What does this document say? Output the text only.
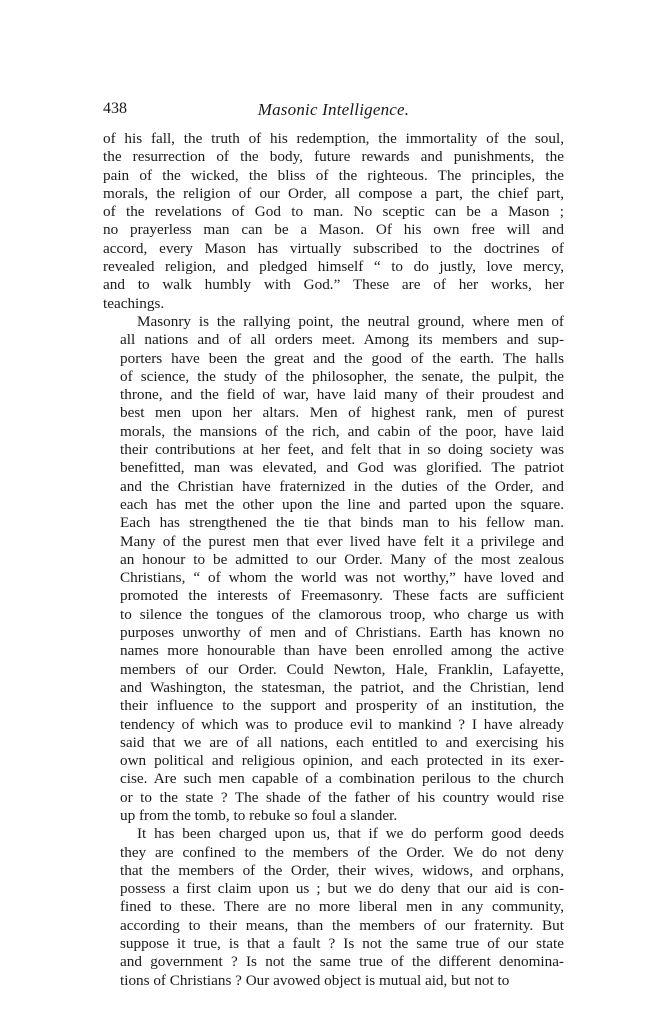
438	Masonic Intelligence.

of his fall, the truth of his redemption, the immortality of the soul,
the resurrection of the body, future rewards and punishments, the
pain of the wicked, the bliss of the righteous. The principles, the
morals, the religion of our Order, all compose a part, the chief part,
of the revelations of God to man. No sceptic can be a Mason ;
no prayerless man can be a Mason. Of his own free will and
accord, every Mason has virtually subscribed to the doctrines of
revealed religion, and pledged himself “ to do justly, love mercy,
and to walk humbly with God.” These are of her works, her
teachings.

Masonry is the rallying point, the neutral ground, where men of
all nations and of all orders meet. Among its members and sup-
porters have been the great and the good of the earth. The halls
of science, the study of the philosopher, the senate, the pulpit, the
throne, and the field of war, have laid many of their proudest and
best men upon her altars. Men of highest rank, men of purest
morals, the mansions of the rich, and cabin of the poor, have laid
their contributions at her feet, and felt that in so doing society was
benefitted, man was elevated, and God was glorified. The patriot
and the Christian have fraternized in the duties of the Order, and
each has met the other upon the line and parted upon the square.
Each has strengthened the tie that binds man to his fellow man.
Many of the purest men that ever lived have felt it a privilege and
an honour to be admitted to our Order. Many of the most zealous
Christians, “ of whom the world was not worthy,” have loved and
promoted the interests of Freemasonry. These facts are sufficient
to silence the tongues of the clamorous troop, who charge us with
purposes unworthy of men and of Christians. Earth has known no
names more honourable than have been enrolled among the active
members of our Order. Could Newton, Hale, Franklin, Lafayette,
and Washington, the statesman, the patriot, and the Christian, lend
their influence to the support and prosperity of an institution, the
tendency of which was to produce evil to mankind ? I have already
said that we are of all nations, each entitled to and exercising his
own political and religious opinion, and each protected in its exer-
cise. Are such men capable of a combination perilous to the church
or to the state ? The shade of the father of his country would rise
up from the tomb, to rebuke so foul a slander.

It has been charged upon us, that if we do perform good deeds
they are confined to the members of the Order. We do not deny
that the members of the Order, their wives, widows, and orphans,
possess a first claim upon us ; but we do deny that our aid is con-
fined to these. There are no more liberal men in any community,
according to their means, than the members of our fraternity. But
suppose it true, is that a fault ? Is not the same true of our state
and government ? Is not the same true of the different denomina-
tions of Christians ? Our avowed object is mutual aid, but not to
